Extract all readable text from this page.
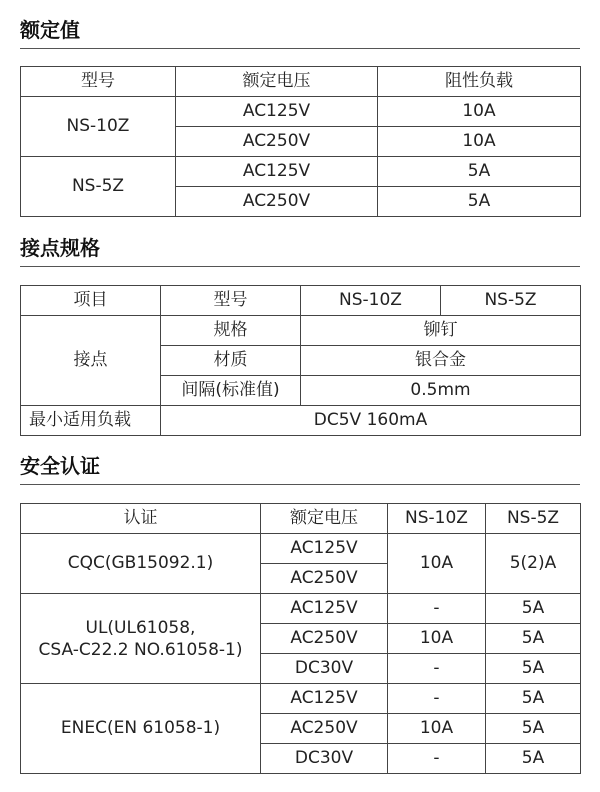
额定值
型号	额定电压	阻性负载
NS-10Z	AC125V	10A
	AC250V	10A
NS-5Z	AC125V	5A
	AC250V	5A
接点规格
项目	型号	NS-10Z	NS-5Z
接点	规格	铆钉	
	材质	银合金	
	间隔(标准值)	0.5mm	
最小适用负载	DC5V 160mA		
安全认证
认证	额定电压	NS-10Z	NS-5Z
CQC(GB15092.1)	AC125V	10A	5(2)A
	AC250V		

UL(UL61058,
CSA-C22.2 NO.61058-1)	AC125V	-	5A
	AC250V	10A	5A
	DC30V	-	5A
ENEC(EN 61058-1)	AC125V	-	5A
	AC250V	10A	5A
	DC30V	-	5A
